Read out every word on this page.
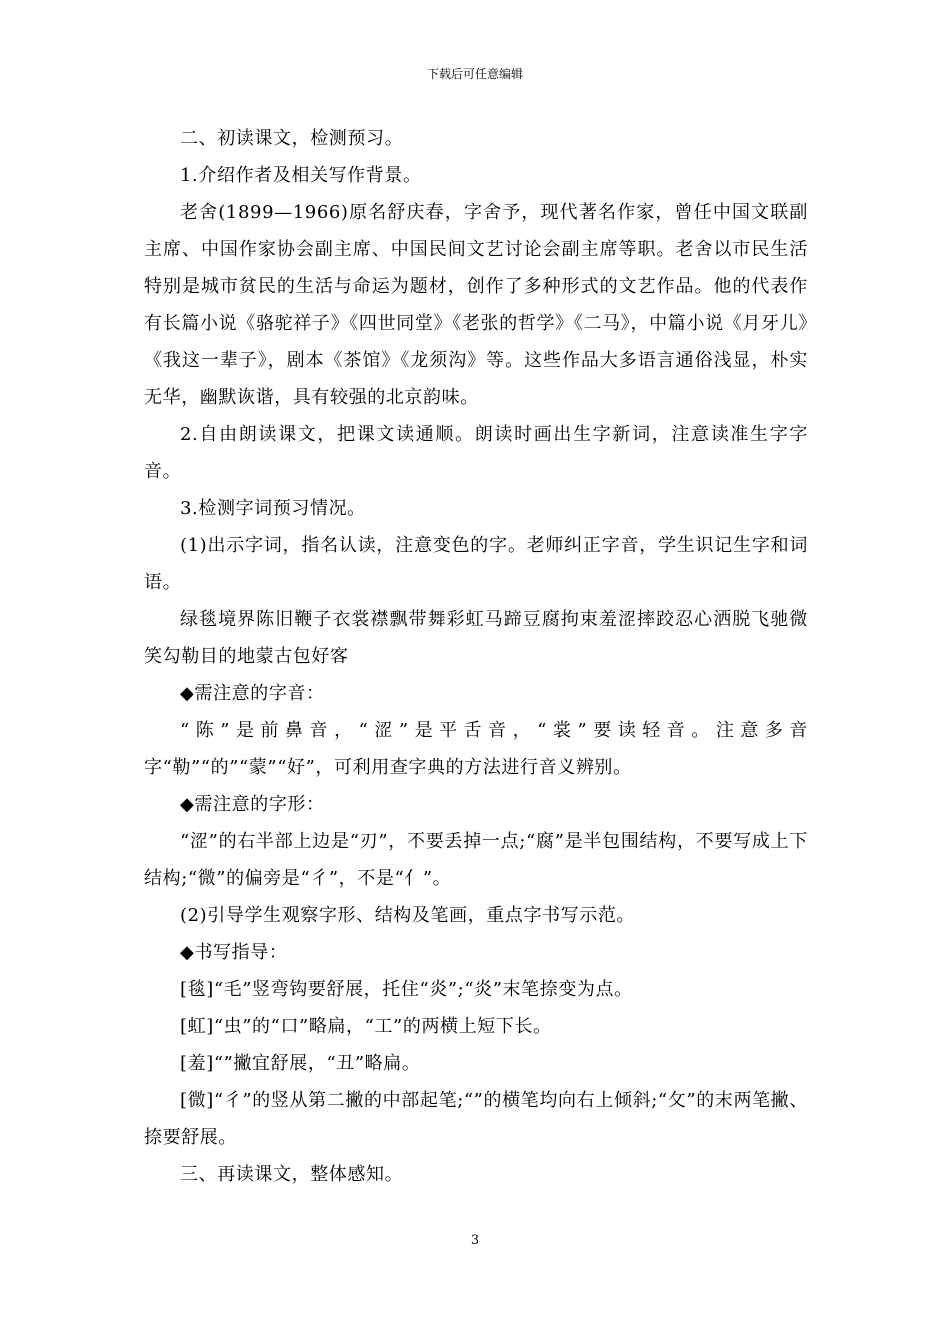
下载后可任意编辑

二、初读课文，检测预习。

1.介绍作者及相关写作背景。

老舍(1899—1966)原名舒庆春，字舍予，现代著名作家，曾任中国文联副主席、中国作家协会副主席、中国民间文艺讨论会副主席等职。老舍以市民生活特别是城市贫民的生活与命运为题材，创作了多种形式的文艺作品。他的代表作有长篇小说《骆驼祥子》《四世同堂》《老张的哲学》《二马》，中篇小说《月牙儿》《我这一辈子》，剧本《茶馆》《龙须沟》等。这些作品大多语言通俗浅显，朴实无华，幽默诙谐，具有较强的北京韵味。

2.自由朗读课文，把课文读通顺。朗读时画出生字新词，注意读准生字字音。

3.检测字词预习情况。

(1)出示字词，指名认读，注意变色的字。老师纠正字音，学生识记生字和词语。

绿毯境界陈旧鞭子衣裳襟飘带舞彩虹马蹄豆腐拘束羞涩摔跤忍心洒脱飞驰微笑勾勒目的地蒙古包好客

◆需注意的字音：

“陈”是前鼻音，“涩”是平舌音，“裳”要读轻音。注意多音字“勒”“的”“蒙”“好”，可利用查字典的方法进行音义辨别。

◆需注意的字形：

“涩”的右半部上边是“刃”，不要丢掉一点;“腐”是半包围结构，不要写成上下结构;“微”的偏旁是“彳”，不是“亻”。

(2)引导学生观察字形、结构及笔画，重点字书写示范。

◆书写指导：

[毯]“毛”竖弯钩要舒展，托住“炎”;“炎”末笔捺变为点。

[虹]“虫”的“口”略扁，“工”的两横上短下长。

[羞]“”撇宜舒展，“丑”略扁。

[微]“彳”的竖从第二撇的中部起笔;“”的横笔均向右上倾斜;“攵”的末两笔撇、捺要舒展。

三、再读课文，整体感知。

3
